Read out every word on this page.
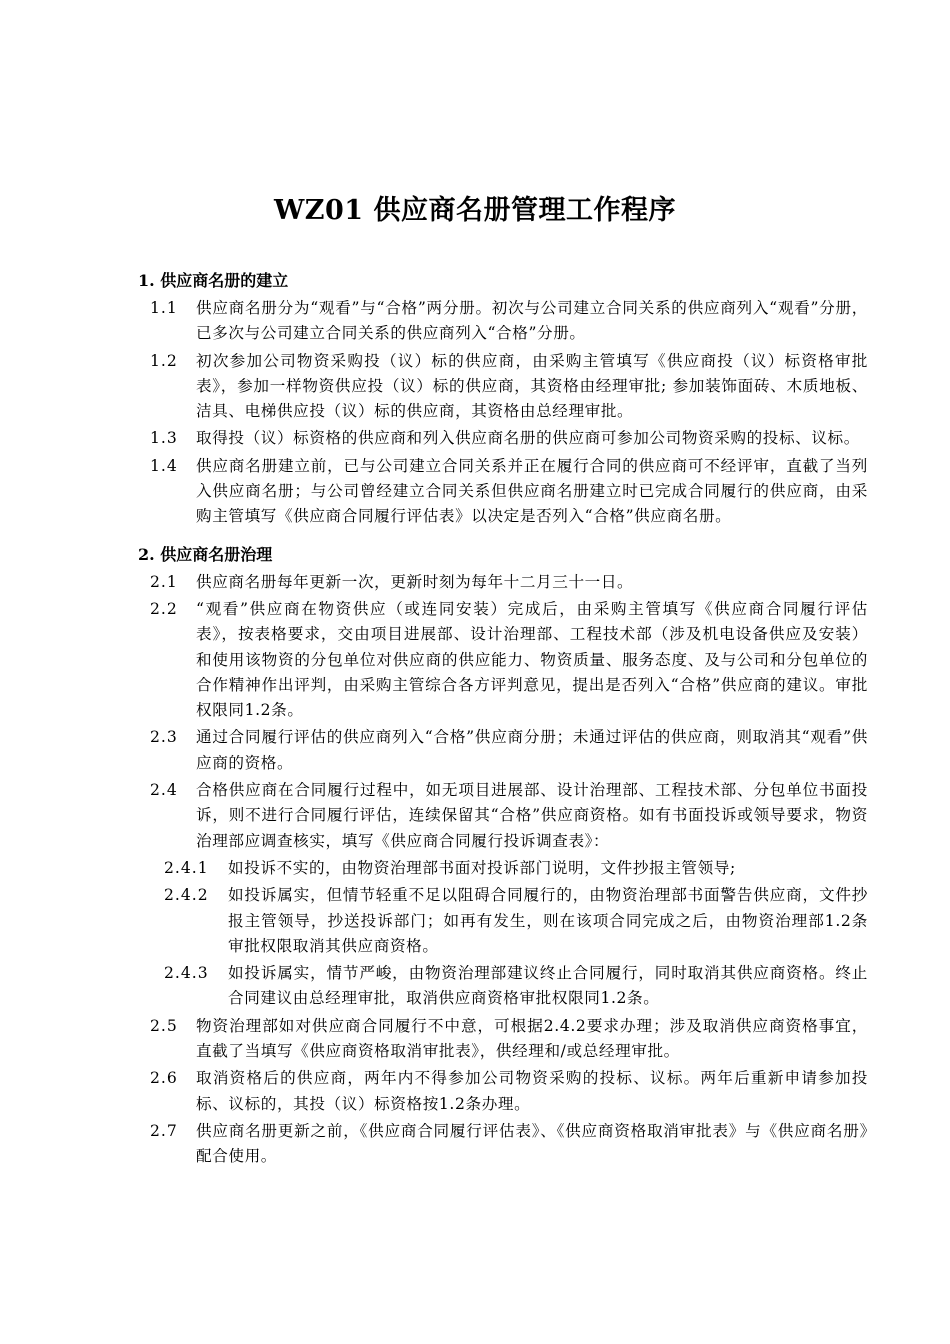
WZ01 供应商名册管理工作程序
1. 供应商名册的建立
1.1 供应商名册分为“观看”与“合格”两分册。初次与公司建立合同关系的供应商列入“观看”分册，已多次与公司建立合同关系的供应商列入“合格”分册。
1.2 初次参加公司物资采购投（议）标的供应商，由采购主管填写《供应商投（议）标资格审批表》，参加一样物资供应投（议）标的供应商，其资格由经理审批; 参加装饰面砖、木质地板、洁具、电梯供应投（议）标的供应商，其资格由总经理审批。
1.3 取得投（议）标资格的供应商和列入供应商名册的供应商可参加公司物资采购的投标、议标。
1.4 供应商名册建立前，已与公司建立合同关系并正在履行合同的供应商可不经评审，直截了当列入供应商名册；与公司曾经建立合同关系但供应商名册建立时已完成合同履行的供应商，由采购主管填写《供应商合同履行评估表》以决定是否列入“合格”供应商名册。
2. 供应商名册治理
2.1 供应商名册每年更新一次，更新时刻为每年十二月三十一日。
2.2 “观看”供应商在物资供应（或连同安装）完成后，由采购主管填写《供应商合同履行评估表》，按表格要求，交由项目进展部、设计治理部、工程技术部（涉及机电设备供应及安装）和使用该物资的分包单位对供应商的供应能力、物资质量、服务态度、及与公司和分包单位的合作精神作出评判，由采购主管综合各方评判意见，提出是否列入“合格”供应商的建议。审批权限同1.2条。
2.3 通过合同履行评估的供应商列入“合格”供应商分册；未通过评估的供应商，则取消其“观看”供应商的资格。
2.4 合格供应商在合同履行过程中，如无项目进展部、设计治理部、工程技术部、分包单位书面投诉，则不进行合同履行评估，连续保留其“合格”供应商资格。如有书面投诉或领导要求，物资治理部应调查核实，填写《供应商合同履行投诉调查表》：
2.4.1 如投诉不实的，由物资治理部书面对投诉部门说明，文件抄报主管领导;
2.4.2 如投诉属实，但情节轻重不足以阻碍合同履行的，由物资治理部书面警告供应商，文件抄报主管领导，抄送投诉部门；如再有发生，则在该项合同完成之后，由物资治理部1.2条审批权限取消其供应商资格。
2.4.3 如投诉属实，情节严峻，由物资治理部建议终止合同履行，同时取消其供应商资格。终止合同建议由总经理审批，取消供应商资格审批权限同1.2条。
2.5 物资治理部如对供应商合同履行不中意，可根据2.4.2要求办理；涉及取消供应商资格事宜，直截了当填写《供应商资格取消审批表》，供经理和/或总经理审批。
2.6 取消资格后的供应商，两年内不得参加公司物资采购的投标、议标。两年后重新申请参加投标、议标的，其投（议）标资格按1.2条办理。
2.7 供应商名册更新之前，《供应商合同履行评估表》、《供应商资格取消审批表》与《供应商名册》配合使用。
